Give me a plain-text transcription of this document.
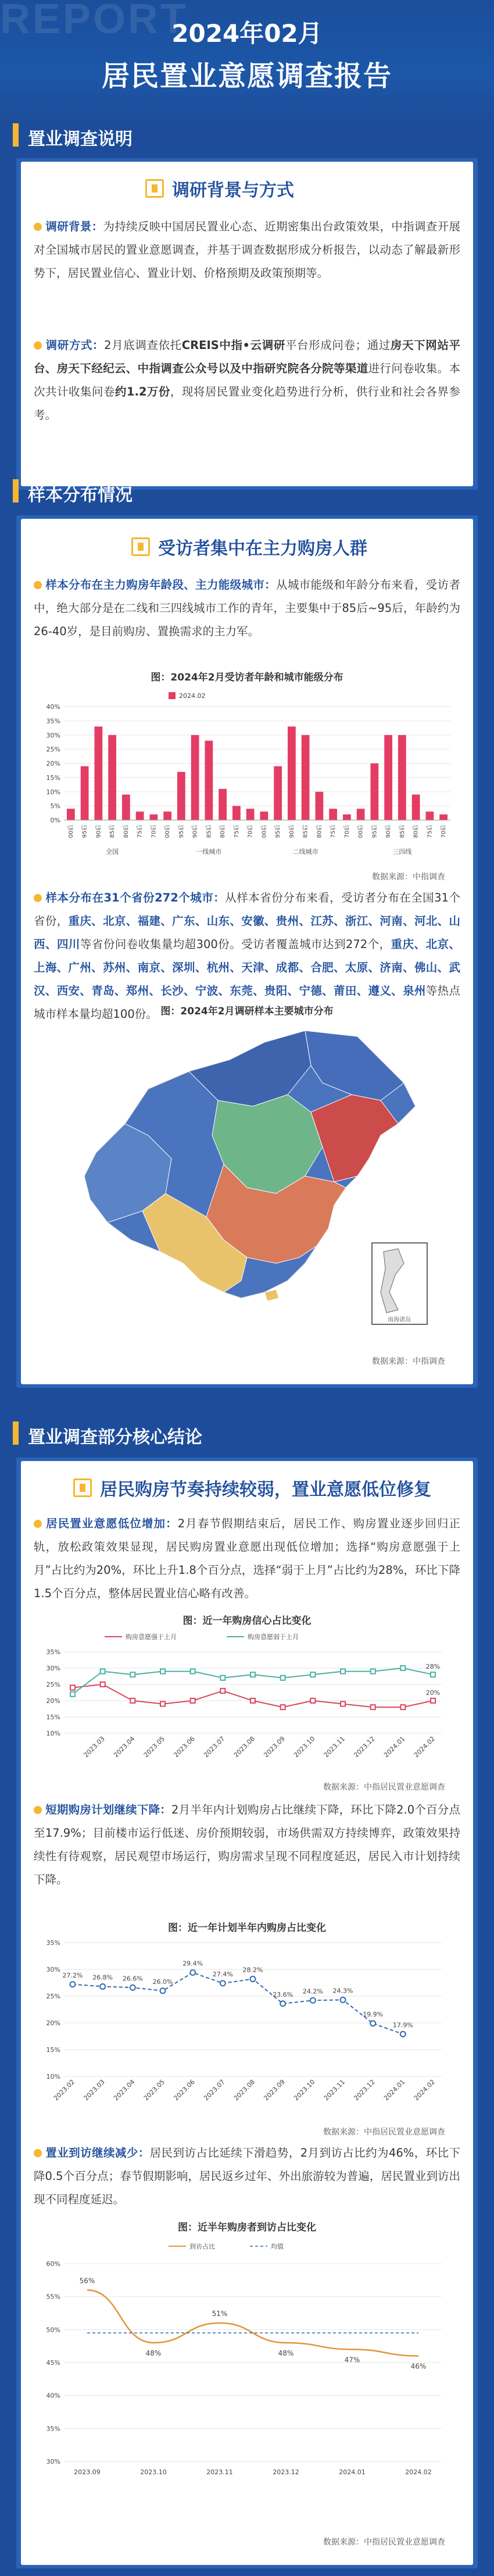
REPORT
2024年02月
居民置业意愿调查报告
置业调查说明
调研背景与方式
调研背景：为持续反映中国居民置业心态、近期密集出台政策效果，中指调查开展对全国城市居民的置业意愿调查，并基于调查数据形成分析报告，以动态了解最新形势下，居民置业信心、置业计划、价格预期及政策预期等。
调研方式：2月底调查依托CREIS中指•云调研平台形成问卷；通过房天下网站平台、房天下经纪云、中指调查公众号以及中指研究院各分院等渠道进行问卷收集。本次共计收集问卷约1.2万份，现将居民置业变化趋势进行分析，供行业和社会各界参考。
样本分布情况
受访者集中在主力购房人群
样本分布在主力购房年龄段、主力能级城市：从城市能级和年龄分布来看，受访者中，绝大部分是在二线和三四线城市工作的青年，主要集中于85后~95后，年龄约为26-40岁，是目前购房、置换需求的主力军。
图：2024年2月受访者年龄和城市能级分布
0%
5%
10%
15%
20%
25%
30%
35%
40%
2024.02
00后 95后 90后 85后 80后 75后 70后 00后 95后 90后 85后 80后 75后 70后 00后 95后 90后 85后 80后 75后 70后 00后 95后 90后 85后 80后 75后 70后
全国	一线城市	二线城市	三四线
数据来源：中指调查
样本分布在31个省份272个城市：从样本省份分布来看，受访者分布在全国31个省份，重庆、北京、福建、广东、山东、安徽、贵州、江苏、浙江、河南、河北、山西、四川等省份问卷收集量均超300份。受访者覆盖城市达到272个，重庆、北京、上海、广州、苏州、南京、深圳、杭州、天津、成都、合肥、太原、济南、佛山、武汉、西安、青岛、郑州、长沙、宁波、东莞、贵阳、宁德、莆田、遵义、泉州等热点城市样本量均超100份。 图：2024年2月调研样本主要城市分布
南海诸岛
数据来源：中指调查
置业调查部分核心结论
居民购房节奏持续较弱，置业意愿低位修复
居民置业意愿低位增加：2月春节假期结束后，居民工作、购房置业逐步回归正轨，放松政策效果显现，居民购房置业意愿出现低位增加；选择“购房意愿强于上月”占比约为20%，环比上升1.8个百分点，选择“弱于上月”占比约为28%，环比下降1.5个百分点，整体居民置业信心略有改善。
图：近一年购房信心占比变化
10%
15%
20%
25%
30%
35%
购房意愿强于上月	购房意愿弱于上月
28%
20%
2023.03 2023.04 2023.05 2023.06 2023.07 2023.08 2023.09 2023.10 2023.11 2023.12 2024.01 2024.02
数据来源：中指居民置业意愿调查
短期购房计划继续下降：2月半年内计划购房占比继续下降，环比下降2.0个百分点至17.9%；目前楼市运行低迷、房价预期较弱，市场供需双方持续博弈，政策效果持续性有待观察，居民观望市场运行，购房需求呈现不同程度延迟，居民入市计划持续下降。
图：近一年计划半年内购房占比变化
10%
15%
20%
25%
30%
35%
27.2% 26.8% 26.6% 26.0%
29.4%
27.4%
28.2%
23.6% 24.2% 24.3%
19.9%
17.9%
2023.02 2023.03 2023.04 2023.05 2023.06 2023.07 2023.08 2023.09 2023.10 2023.11 2023.12 2024.01 2024.02
数据来源：中指居民置业意愿调查
置业到访继续减少：居民到访占比延续下滑趋势，2月到访占比约为46%，环比下降0.5个百分点；春节假期影响，居民返乡过年、外出旅游较为普遍，居民置业到访出现不同程度延迟。
图：近半年购房者到访占比变化
30%
35%
40%
45%
50%
55%
60%
到访占比	均值
56%
48%
51%
48%
47%
46%
2023.09	2023.10	2023.11	2023.12	2024.01	2024.02
数据来源：中指居民置业意愿调查
